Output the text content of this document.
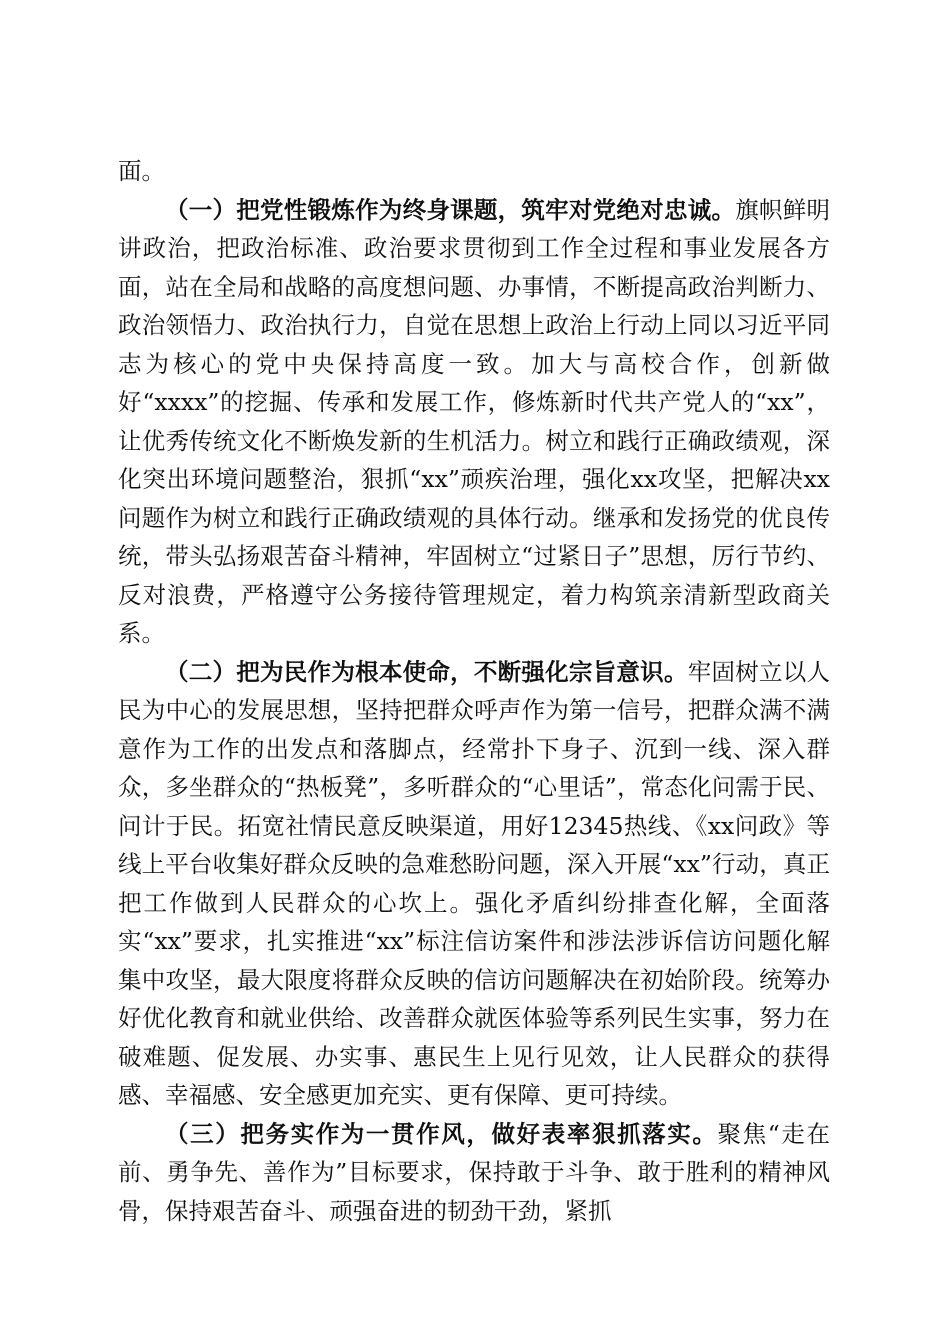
面。

（一）把党性锻炼作为终身课题，筑牢对党绝对忠诚。旗帜鲜明讲政治，把政治标准、政治要求贯彻到工作全过程和事业发展各方面，站在全局和战略的高度想问题、办事情，不断提高政治判断力、政治领悟力、政治执行力，自觉在思想上政治上行动上同以习近平同志为核心的党中央保持高度一致。加大与高校合作，创新做好“xxxx”的挖掘、传承和发展工作，修炼新时代共产党人的“xx”，让优秀传统文化不断焕发新的生机活力。树立和践行正确政绩观，深化突出环境问题整治，狠抓“xx”顽疾治理，强化xx攻坚，把解决xx问题作为树立和践行正确政绩观的具体行动。继承和发扬党的优良传统，带头弘扬艰苦奋斗精神，牢固树立“过紧日子”思想，厉行节约、反对浪费，严格遵守公务接待管理规定，着力构筑亲清新型政商关系。

（二）把为民作为根本使命，不断强化宗旨意识。牢固树立以人民为中心的发展思想，坚持把群众呼声作为第一信号，把群众满不满意作为工作的出发点和落脚点，经常扑下身子、沉到一线、深入群众，多坐群众的“热板凳”，多听群众的“心里话”，常态化问需于民、问计于民。拓宽社情民意反映渠道，用好12345热线、《xx问政》等线上平台收集好群众反映的急难愁盼问题，深入开展“xx”行动，真正把工作做到人民群众的心坎上。强化矛盾纠纷排查化解，全面落实“xx”要求，扎实推进“xx”标注信访案件和涉法涉诉信访问题化解集中攻坚，最大限度将群众反映的信访问题解决在初始阶段。统筹办好优化教育和就业供给、改善群众就医体验等系列民生实事，努力在破难题、促发展、办实事、惠民生上见行见效，让人民群众的获得感、幸福感、安全感更加充实、更有保障、更可持续。

（三）把务实作为一贯作风，做好表率狠抓落实。聚焦“走在前、勇争先、善作为”目标要求，保持敢于斗争、敢于胜利的精神风骨，保持艰苦奋斗、顽强奋进的韧劲干劲，紧抓
